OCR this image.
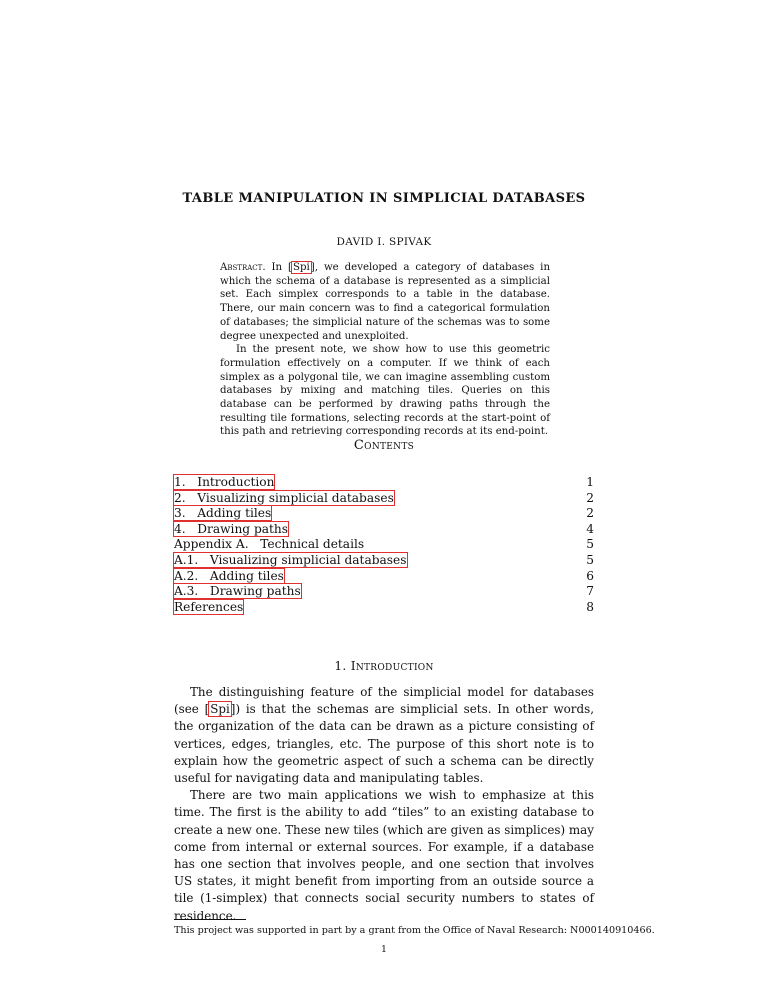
TABLE MANIPULATION IN SIMPLICIAL DATABASES
DAVID I. SPIVAK

Abstract. In [Spi], we developed a category of databases in which the schema of a database is represented as a simplicial set. Each simplex corresponds to a table in the database. There, our main concern was to find a categorical formulation of databases; the simplicial nature of the schemas was to some degree unexpected and unexploited.

In the present note, we show how to use this geometric formulation effectively on a computer. If we think of each simplex as a polygonal tile, we can imagine assembling custom databases by mixing and matching tiles. Queries on this database can be performed by drawing paths through the resulting tile formations, selecting records at the start-point of this path and retrieving corresponding records at its end-point.

Contents
1.   Introduction	1
2.   Visualizing simplicial databases	2
3.   Adding tiles	2
4.   Drawing paths	4
Appendix A.   Technical details	5
A.1.   Visualizing simplicial databases	5
A.2.   Adding tiles	6
A.3.   Drawing paths	7
References	8
1. Introduction

The distinguishing feature of the simplicial model for databases (see [Spi]) is that the schemas are simplicial sets. In other words, the organization of the data can be drawn as a picture consisting of vertices, edges, triangles, etc. The purpose of this short note is to explain how the geometric aspect of such a schema can be directly useful for navigating data and manipulating tables.

There are two main applications we wish to emphasize at this time. The first is the ability to add “tiles” to an existing database to create a new one. These new tiles (which are given as simplices) may come from internal or external sources. For example, if a database has one section that involves people, and one section that involves US states, it might benefit from importing from an outside source a tile (1-simplex) that connects social security numbers to states of residence.

This project was supported in part by a grant from the Office of Naval Research: N000140910466.
1
